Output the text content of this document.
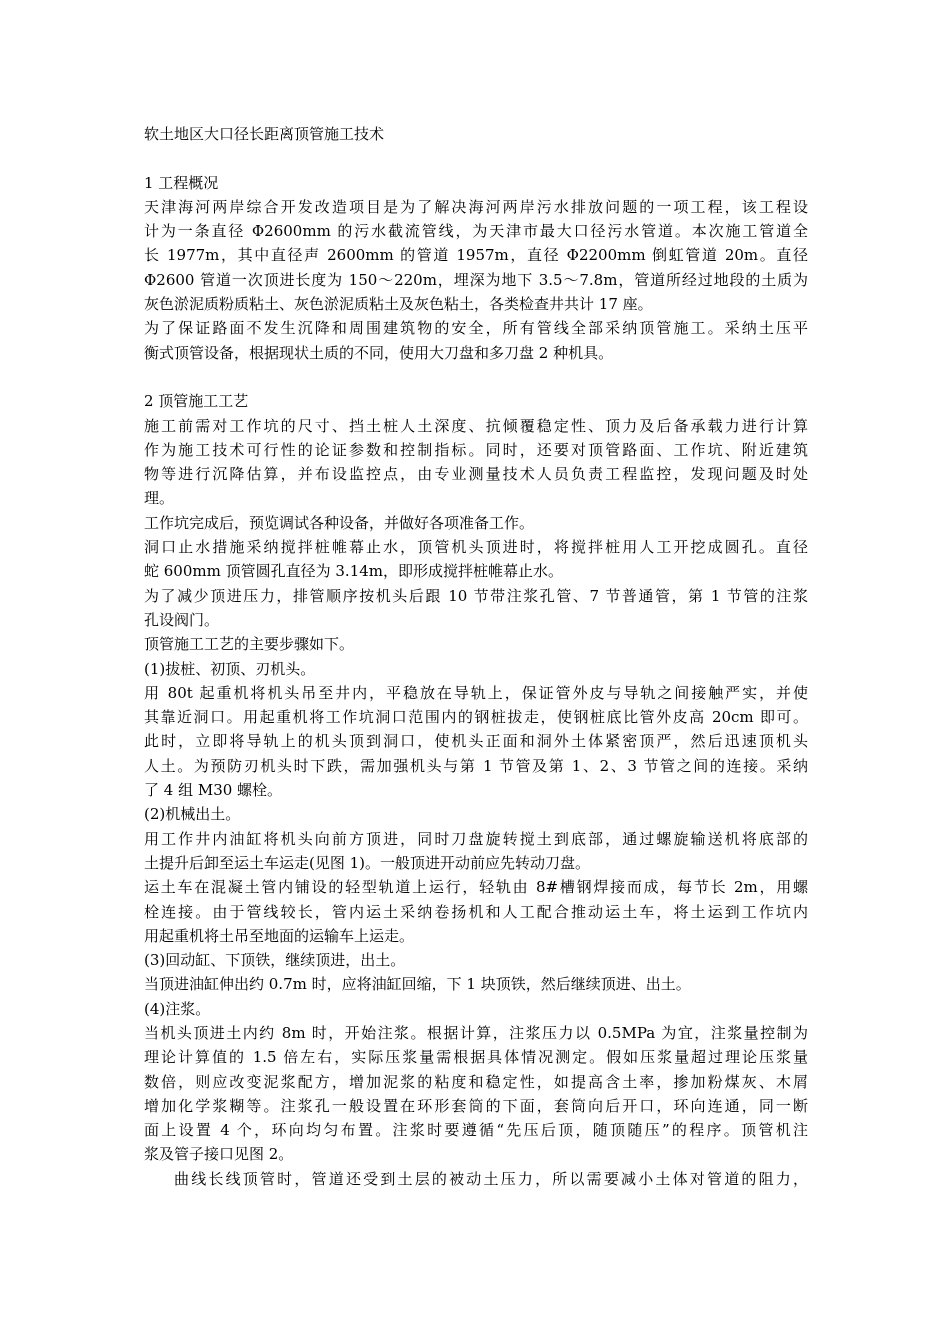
软土地区大口径长距离顶管施工技术
1 工程概况
天津海河两岸综合开发改造项目是为了解决海河两岸污水排放问题的一项工程，该工程设
计为一条直径 Φ2600mm 的污水截流管线，为天津市最大口径污水管道。本次施工管道全
长 1977m，其中直径声 2600mm 的管道 1957m，直径 Φ2200mm 倒虹管道 20m。直径
Φ2600 管道一次顶进长度为 150～220m，埋深为地下 3.5～7.8m，管道所经过地段的土质为
灰色淤泥质粉质粘土、灰色淤泥质粘土及灰色粘土，各类检查井共计 17 座。
为了保证路面不发生沉降和周围建筑物的安全，所有管线全部采纳顶管施工。采纳土压平
衡式顶管设备，根据现状土质的不同，使用大刀盘和多刀盘 2 种机具。
2 顶管施工工艺
施工前需对工作坑的尺寸、挡土桩人土深度、抗倾覆稳定性、顶力及后备承载力进行计算
作为施工技术可行性的论证参数和控制指标。同时，还要对顶管路面、工作坑、附近建筑
物等进行沉降估算，并布设监控点，由专业测量技术人员负责工程监控，发现问题及时处
理。
工作坑完成后，预览调试各种设备，并做好各项准备工作。
洞口止水措施采纳搅拌桩帷幕止水，顶管机头顶进时，将搅拌桩用人工开挖成圆孔。直径
蛇 600mm 顶管圆孔直径为 3.14m，即形成搅拌桩帷幕止水。
为了减少顶进压力，排管顺序按机头后跟 10 节带注浆孔管、7 节普通管，第 1 节管的注浆
孔设阀门。
顶管施工工艺的主要步骤如下。
(1)拔桩、初顶、刃机头。
用 80t 起重机将机头吊至井内，平稳放在导轨上，保证管外皮与导轨之间接触严实，并使
其靠近洞口。用起重机将工作坑洞口范围内的钢桩拔走，使钢桩底比管外皮高 20cm 即可。
此时，立即将导轨上的机头顶到洞口，使机头正面和洞外土体紧密顶严，然后迅速顶机头
人土。为预防刃机头时下跌，需加强机头与第 1 节管及第 1、2、3 节管之间的连接。采纳
了 4 组 M30 螺栓。
(2)机械出土。
用工作井内油缸将机头向前方顶进，同时刀盘旋转搅土到底部，通过螺旋输送机将底部的
土提升后卸至运土车运走(见图 1)。一般顶进开动前应先转动刀盘。
运土车在混凝土管内铺设的轻型轨道上运行，轻轨由 8#槽钢焊接而成，每节长 2m，用螺
栓连接。由于管线较长，管内运土采纳卷扬机和人工配合推动运土车，将土运到工作坑内
用起重机将土吊至地面的运输车上运走。
(3)回动缸、下顶铁，继续顶进，出土。
当顶进油缸伸出约 0.7m 时，应将油缸回缩，下 1 块顶铁，然后继续顶进、出土。
(4)注浆。
当机头顶进土内约 8m 时，开始注浆。根据计算，注浆压力以 0.5MPa 为宜，注浆量控制为
理论计算值的 1.5 倍左右，实际压浆量需根据具体情况测定。假如压浆量超过理论压浆量
数倍，则应改变泥浆配方，增加泥浆的粘度和稳定性，如提高含土率，掺加粉煤灰、木屑
增加化学浆糊等。注浆孔一般设置在环形套筒的下面，套筒向后开口，环向连通，同一断
面上设置 4 个，环向均匀布置。注浆时要遵循“先压后顶，随顶随压”的程序。顶管机注
浆及管子接口见图 2。
曲线长线顶管时，管道还受到土层的被动土压力，所以需要减小土体对管道的阻力，
